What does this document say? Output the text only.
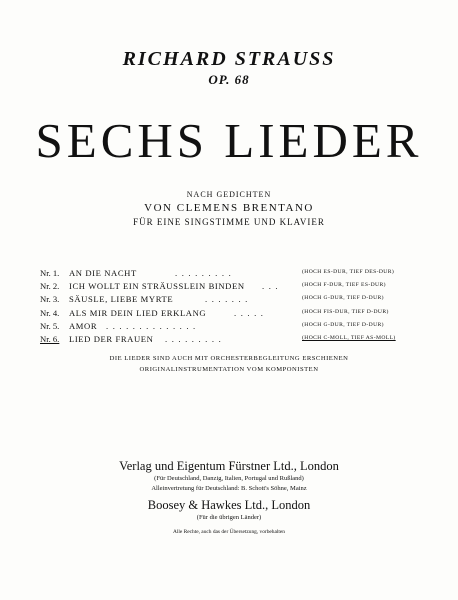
RICHARD STRAUSS
OP. 68
SECHS LIEDER
NACH GEDICHTEN
VON CLEMENS BRENTANO
FÜR EINE SINGSTIMME UND KLAVIER
Nr. 1. AN DIE NACHT	. . . . . . . . .	(HOCH ES-DUR, TIEF DES-DUR)
Nr. 2. ICH WOLLT EIN STRÄUSSLEIN BINDEN . . .	(HOCH F-DUR, TIEF ES-DUR)
Nr. 3. SÄUSLE, LIEBE MYRTE	. . . . . . .	(HOCH G-DUR, TIEF D-DUR)
Nr. 4. ALS MIR DEIN LIED ERKLANG	. . . . .	(HOCH FIS-DUR, TIEF D-DUR)
Nr. 5. AMOR . . . . . . . . . . . . . .	(HOCH G-DUR, TIEF D-DUR)
Nr. 6. LIED DER FRAUEN . . . . . . . . .	(HOCH C-MOLL, TIEF AS-MOLL)
DIE LIEDER SIND AUCH MIT ORCHESTERBEGLEITUNG ERSCHIENEN
ORIGINALINSTRUMENTATION VOM KOMPONISTEN
Verlag und Eigentum Fürstner Ltd., London
(Für Deutschland, Danzig, Italien, Portugal und Rußland)
Alleinvertretung für Deutschland: B. Schott's Söhne, Mainz
Boosey & Hawkes Ltd., London
(Für die übrigen Länder)
Alle Rechte, auch das der Übersetzung, vorbehalten
